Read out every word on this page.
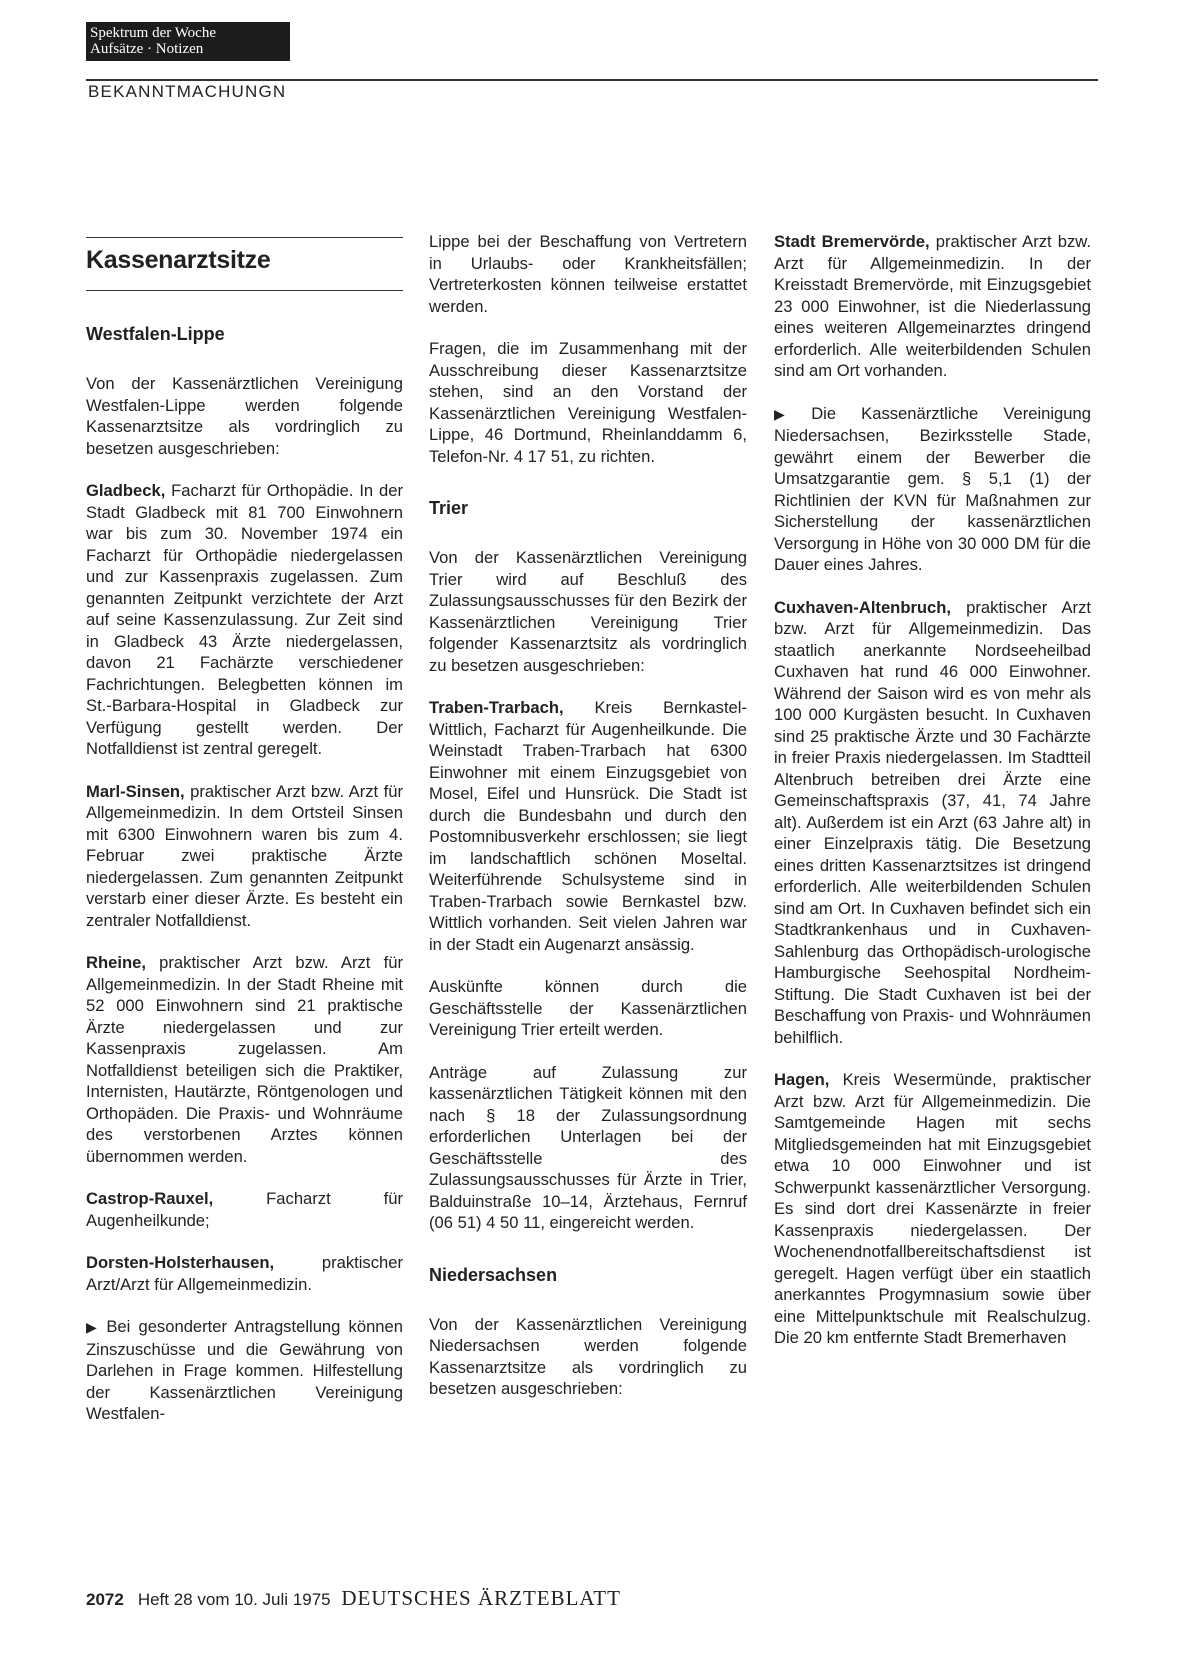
Spektrum der Woche
Aufsätze · Notizen
BEKANNTMACHUNGN
Kassenarztsitze
Westfalen-Lippe

Von der Kassenärztlichen Vereinigung Westfalen-Lippe werden folgende Kassenarztsitze als vordringlich zu besetzen ausgeschrieben:

Gladbeck, Facharzt für Orthopädie. In der Stadt Gladbeck mit 81 700 Einwohnern war bis zum 30. November 1974 ein Facharzt für Orthopädie niedergelassen und zur Kassenpraxis zugelassen. Zum genannten Zeitpunkt verzichtete der Arzt auf seine Kassenzulassung. Zur Zeit sind in Gladbeck 43 Ärzte niedergelassen, davon 21 Fachärzte verschiedener Fachrichtungen. Belegbetten können im St.-Barbara-Hospital in Gladbeck zur Verfügung gestellt werden. Der Notfalldienst ist zentral geregelt.

Marl-Sinsen, praktischer Arzt bzw. Arzt für Allgemeinmedizin. In dem Ortsteil Sinsen mit 6300 Einwohnern waren bis zum 4. Februar zwei praktische Ärzte niedergelassen. Zum genannten Zeitpunkt verstarb einer dieser Ärzte. Es besteht ein zentraler Notfalldienst.

Rheine, praktischer Arzt bzw. Arzt für Allgemeinmedizin. In der Stadt Rheine mit 52 000 Einwohnern sind 21 praktische Ärzte niedergelassen und zur Kassenpraxis zugelassen. Am Notfalldienst beteiligen sich die Praktiker, Internisten, Hautärzte, Röntgenologen und Orthopäden. Die Praxis- und Wohnräume des verstorbenen Arztes können übernommen werden.

Castrop-Rauxel, Facharzt für Augenheilkunde;

Dorsten-Holsterhausen, praktischer Arzt/Arzt für Allgemeinmedizin.

▶ Bei gesonderter Antragstellung können Zinszuschüsse und die Gewährung von Darlehen in Frage kommen. Hilfestellung der Kassenärztlichen Vereinigung Westfalen-

Lippe bei der Beschaffung von Vertretern in Urlaubs- oder Krankheitsfällen; Vertreterkosten können teilweise erstattet werden.

Fragen, die im Zusammenhang mit der Ausschreibung dieser Kassenarztsitze stehen, sind an den Vorstand der Kassenärztlichen Vereinigung Westfalen-Lippe, 46 Dortmund, Rheinlanddamm 6, Telefon-Nr. 4 17 51, zu richten.

Trier

Von der Kassenärztlichen Vereinigung Trier wird auf Beschluß des Zulassungsausschusses für den Bezirk der Kassenärztlichen Vereinigung Trier folgender Kassenarztsitz als vordringlich zu besetzen ausgeschrieben:

Traben-Trarbach, Kreis Bernkastel-Wittlich, Facharzt für Augenheilkunde. Die Weinstadt Traben-Trarbach hat 6300 Einwohner mit einem Einzugsgebiet von Mosel, Eifel und Hunsrück. Die Stadt ist durch die Bundesbahn und durch den Postomnibusverkehr erschlossen; sie liegt im landschaftlich schönen Moseltal. Weiterführende Schulsysteme sind in Traben-Trarbach sowie Bernkastel bzw. Wittlich vorhanden. Seit vielen Jahren war in der Stadt ein Augenarzt ansässig.

Auskünfte können durch die Geschäftsstelle der Kassenärztlichen Vereinigung Trier erteilt werden.

Anträge auf Zulassung zur kassenärztlichen Tätigkeit können mit den nach § 18 der Zulassungsordnung erforderlichen Unterlagen bei der Geschäftsstelle des Zulassungsausschusses für Ärzte in Trier, Balduinstraße 10–14, Ärztehaus, Fernruf (06 51) 4 50 11, eingereicht werden.

Niedersachsen

Von der Kassenärztlichen Vereinigung Niedersachsen werden folgende Kassenarztsitze als vordringlich zu besetzen ausgeschrieben:

Stadt Bremervörde, praktischer Arzt bzw. Arzt für Allgemeinmedizin. In der Kreisstadt Bremervörde, mit Einzugsgebiet 23 000 Einwohner, ist die Niederlassung eines weiteren Allgemeinarztes dringend erforderlich. Alle weiterbildenden Schulen sind am Ort vorhanden.

▶ Die Kassenärztliche Vereinigung Niedersachsen, Bezirksstelle Stade, gewährt einem der Bewerber die Umsatzgarantie gem. § 5,1 (1) der Richtlinien der KVN für Maßnahmen zur Sicherstellung der kassenärztlichen Versorgung in Höhe von 30 000 DM für die Dauer eines Jahres.

Cuxhaven-Altenbruch, praktischer Arzt bzw. Arzt für Allgemeinmedizin. Das staatlich anerkannte Nordseeheilbad Cuxhaven hat rund 46 000 Einwohner. Während der Saison wird es von mehr als 100 000 Kurgästen besucht. In Cuxhaven sind 25 praktische Ärzte und 30 Fachärzte in freier Praxis niedergelassen. Im Stadtteil Altenbruch betreiben drei Ärzte eine Gemeinschaftspraxis (37, 41, 74 Jahre alt). Außerdem ist ein Arzt (63 Jahre alt) in einer Einzelpraxis tätig. Die Besetzung eines dritten Kassenarztsitzes ist dringend erforderlich. Alle weiterbildenden Schulen sind am Ort. In Cuxhaven befindet sich ein Stadtkrankenhaus und in Cuxhaven-Sahlenburg das Orthopädisch-urologische Hamburgische Seehospital Nordheim-Stiftung. Die Stadt Cuxhaven ist bei der Beschaffung von Praxis- und Wohnräumen behilflich.

Hagen, Kreis Wesermünde, praktischer Arzt bzw. Arzt für Allgemeinmedizin. Die Samtgemeinde Hagen mit sechs Mitgliedsgemeinden hat mit Einzugsgebiet etwa 10 000 Einwohner und ist Schwerpunkt kassenärztlicher Versorgung. Es sind dort drei Kassenärzte in freier Kassenpraxis niedergelassen. Der Wochenendnotfallbereitschaftsdienst ist geregelt. Hagen verfügt über ein staatlich anerkanntes Progymnasium sowie über eine Mittelpunktschule mit Realschulzug. Die 20 km entfernte Stadt Bremerhaven

2072 Heft 28 vom 10. Juli 1975 DEUTSCHES ÄRZTEBLATT
